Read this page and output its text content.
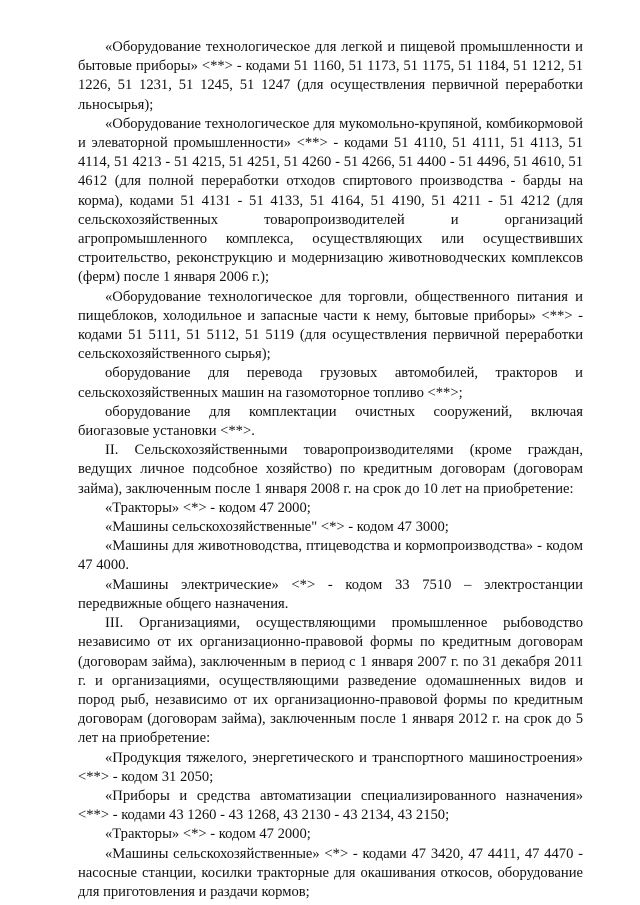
«Оборудование технологическое для легкой и пищевой промышленности и бытовые приборы» <**> - кодами 51 1160, 51 1173, 51 1175, 51 1184, 51 1212, 51 1226, 51 1231, 51 1245, 51 1247 (для осуществления первичной переработки льносырья);

«Оборудование технологическое для мукомольно-крупяной, комбикормовой и элеваторной промышленности» <**> - кодами 51 4110, 51 4111, 51 4113, 51 4114, 51 4213 - 51 4215, 51 4251, 51 4260 - 51 4266, 51 4400 - 51 4496, 51 4610, 51 4612 (для полной переработки отходов спиртового производства - барды на корма), кодами 51 4131 - 51 4133, 51 4164, 51 4190, 51 4211 - 51 4212 (для сельскохозяйственных товаропроизводителей и организаций агропромышленного комплекса, осуществляющих или осуществивших строительство, реконструкцию и модернизацию животноводческих комплексов (ферм) после 1 января 2006 г.);

«Оборудование технологическое для торговли, общественного питания и пищеблоков, холодильное и запасные части к нему, бытовые приборы» <**> - кодами 51 5111, 51 5112, 51 5119 (для осуществления первичной переработки сельскохозяйственного сырья);

оборудование для перевода грузовых автомобилей, тракторов и сельскохозяйственных машин на газомоторное топливо <**>;

оборудование для комплектации очистных сооружений, включая биогазовые установки <**>.

II. Сельскохозяйственными товаропроизводителями (кроме граждан, ведущих личное подсобное хозяйство) по кредитным договорам (договорам займа), заключенным после 1 января 2008 г. на срок до 10 лет на приобретение:

«Тракторы» <*> - кодом 47 2000;

«Машины сельскохозяйственные" <*> - кодом 47 3000;

«Машины для животноводства, птицеводства и кормопроизводства» - кодом 47 4000.

«Машины электрические» <*> - кодом 33 7510 – электростанции передвижные общего назначения.

III. Организациями, осуществляющими промышленное рыбоводство независимо от их организационно-правовой формы по кредитным договорам (договорам займа), заключенным в период с 1 января 2007 г. по 31 декабря 2011 г. и организациями, осуществляющими разведение одомашненных видов и пород рыб, независимо от их организационно-правовой формы по кредитным договорам (договорам займа), заключенным после 1 января 2012 г. на срок до 5 лет на приобретение:

«Продукция тяжелого, энергетического и транспортного машиностроения» <**> - кодом 31 2050;

«Приборы и средства автоматизации специализированного назначения» <**> - кодами 43 1260 - 43 1268, 43 2130 - 43 2134, 43 2150;

«Тракторы» <*> - кодом 47 2000;

«Машины сельскохозяйственные» <*> - кодами 47 3420, 47 4411, 47 4470 - насосные станции, косилки тракторные для окашивания откосов, оборудование для приготовления и раздачи кормов;
